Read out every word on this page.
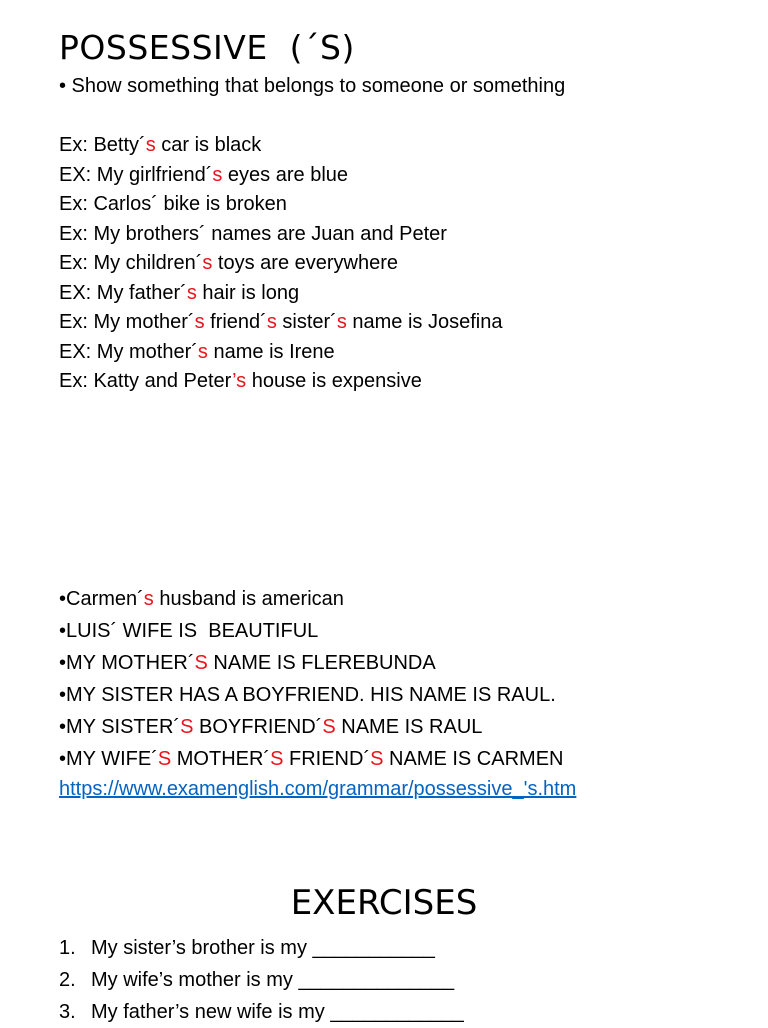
POSSESSIVE  (´S)
• Show something that belongs to someone or something
Ex: Betty´s car is black
EX: My girlfriend´s eyes are blue
Ex: Carlos´ bike is broken
Ex: My brothers´ names are Juan and Peter
Ex: My children´s toys are everywhere
EX: My father´s hair is long
Ex: My mother´s friend´s sister´s name is Josefina
EX: My mother´s name is Irene
Ex: Katty and Peter’s house is expensive
•Carmen´s husband is american
•LUIS´ WIFE IS  BEAUTIFUL
•MY MOTHER´S NAME IS FLEREBUNDA
•MY SISTER HAS A BOYFRIEND. HIS NAME IS RAUL.
•MY SISTER´S BOYFRIEND´S NAME IS RAUL
•MY WIFE´S MOTHER´S FRIEND´S NAME IS CARMEN
https://www.examenglish.com/grammar/possessive_'s.htm
EXERCISES
1. My sister’s brother is my ___________
2. My wife’s mother is my ______________
3. My father’s new wife is my ____________
